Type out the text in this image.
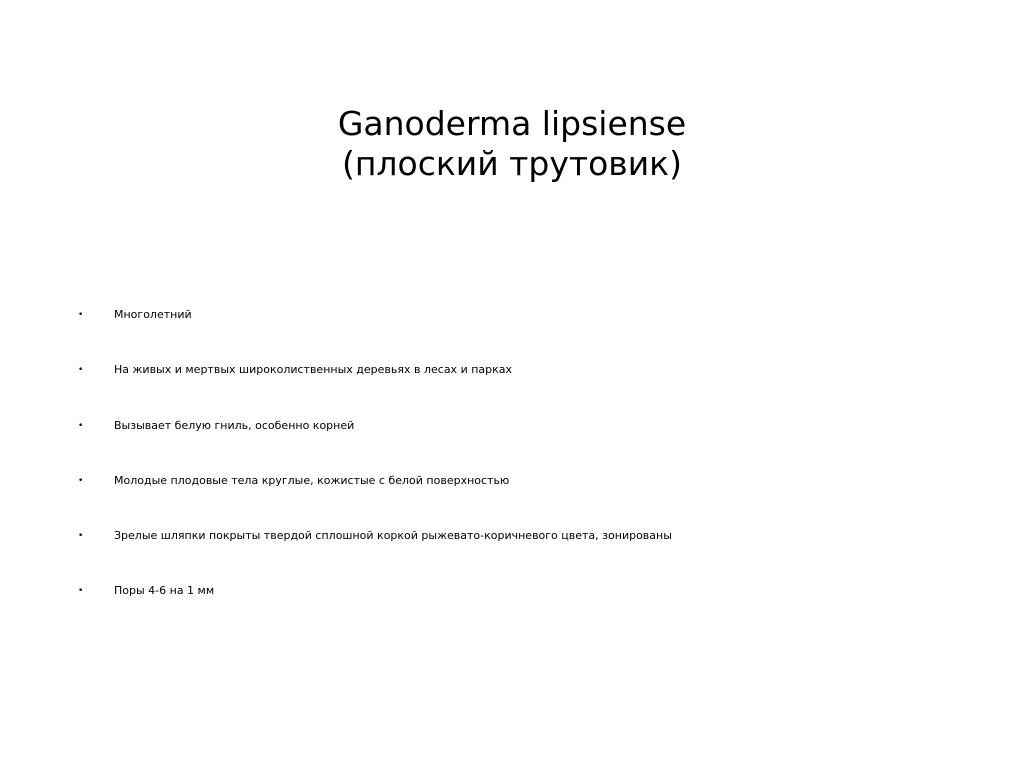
Ganoderma lipsiense
(плоский трутовик)
•	Многолетний
•	На живых и мертвых широколиственных деревьях в лесах и парках
•	Вызывает белую гниль, особенно корней
•	Молодые плодовые тела круглые, кожистые с белой поверхностью
•	Зрелые шляпки покрыты твердой сплошной коркой рыжевато-коричневого цвета, зонированы
•	Поры 4-6 на 1 мм
